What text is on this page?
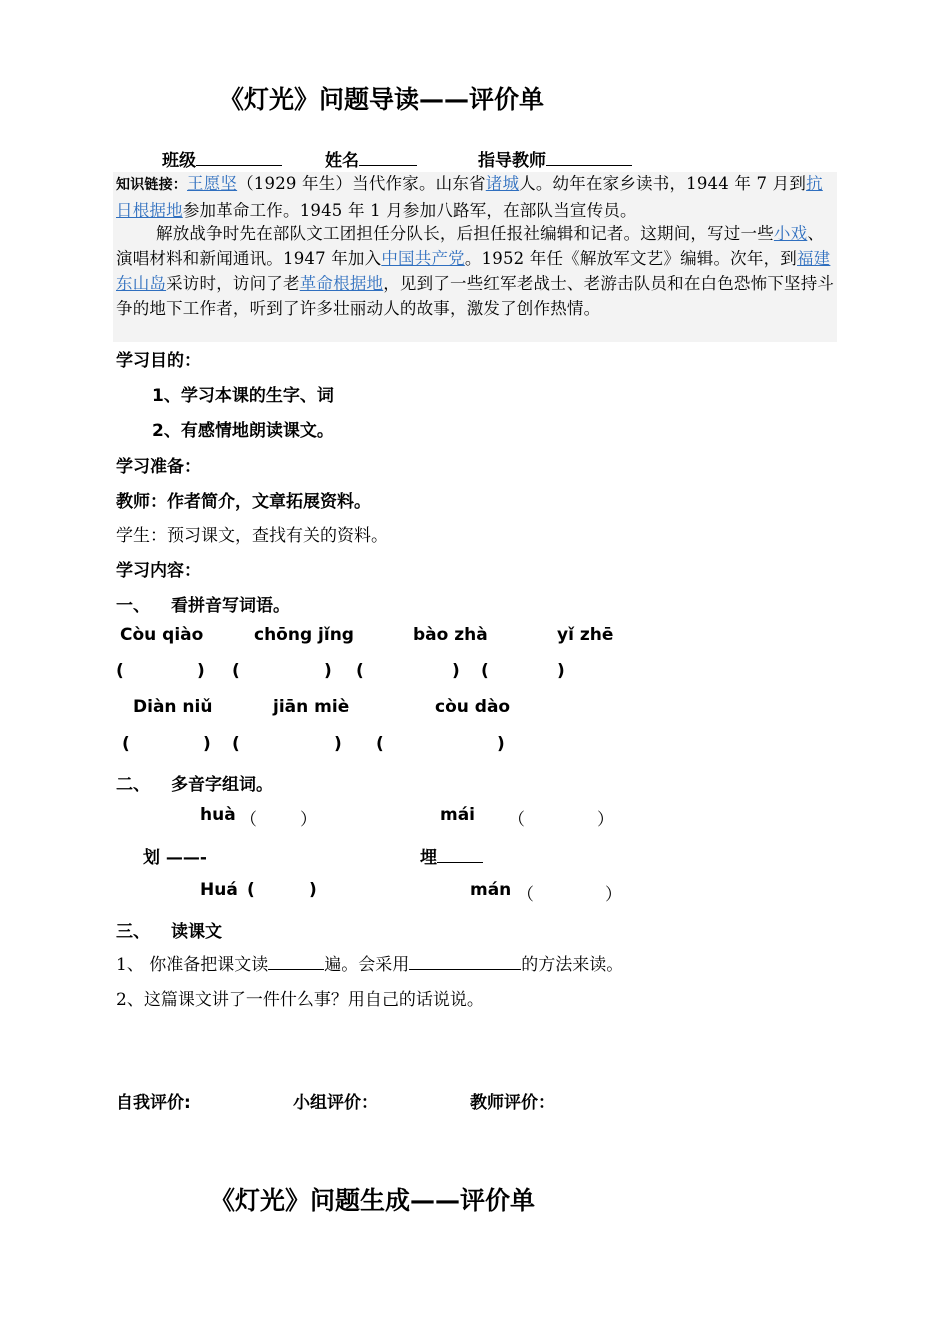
《灯光》问题导读——评价单
班级	姓名	指导教师
知识链接：王愿坚（1929 年生）当代作家。山东省诸城人。幼年在家乡读书，1944 年 7 月到抗日根据地参加革命工作。1945 年 1 月参加八路军，在部队当宣传员。
解放战争时先在部队文工团担任分队长，后担任报社编辑和记者。这期间，写过一些小戏、演唱材料和新闻通讯。1947 年加入中国共产党。1952 年任《解放军文艺》编辑。次年，到福建东山岛采访时，访问了老革命根据地，见到了一些红军老战士、老游击队员和在白色恐怖下坚持斗争的地下工作者，听到了许多壮丽动人的故事，激发了创作热情。
学习目的：
1、学习本课的生字、词
2、有感情地朗读课文。
学习准备：
教师：作者简介，文章拓展资料。
学生：预习课文，查找有关的资料。
学习内容：
一、 看拼音写词语。
Còu qiào	chōng jǐng	bào zhà	yǐ zhē
(	) (	) (	) (	)
Diàn niǔ	jiān miè	còu dào
(	) (	) (	)
二、 多音字组词。
huà （	）	mái （	）
划 ——-	埋
Huá (	)	mán （	）
三、 读课文
1、 你准备把课文读	遍。会采用	的方法来读。
2、这篇课文讲了一件什么事？用自己的话说说。
自我评价:	小组评价：	教师评价：
《灯光》问题生成——评价单
